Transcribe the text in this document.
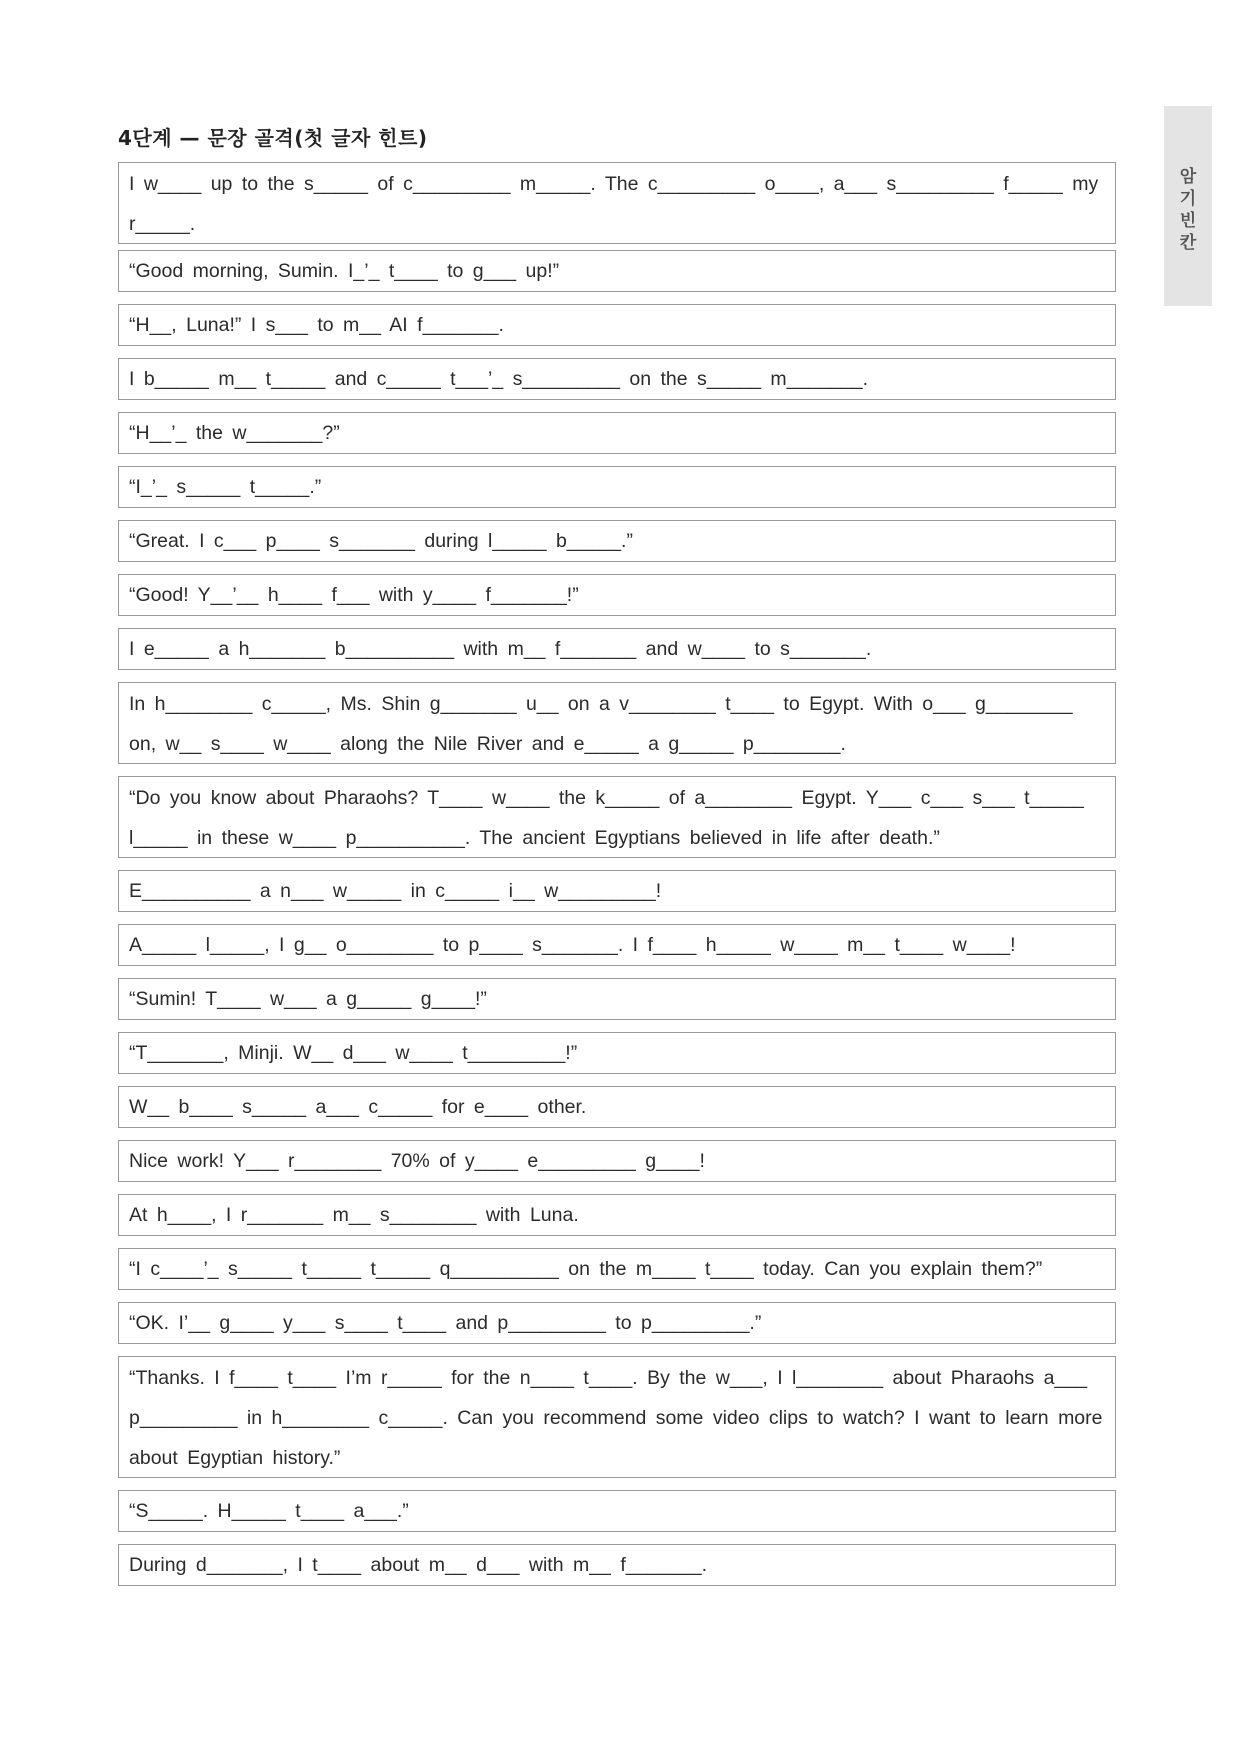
4단계 — 문장 골격(첫 글자 힌트)
암기빈칸
I w____ up to the s_____ of c_________ m_____. The c_________ o____, a___ s_________ f_____ my r_____.
“Good morning, Sumin. I_’_ t____ to g___ up!”
“H__, Luna!” I s___ to m__ AI f_______.
I b_____ m__ t_____ and c_____ t___’_ s_________ on the s_____ m_______.
“H__’_ the w_______?”
“I_’_ s_____ t_____.”
“Great. I c___ p____ s_______ during l_____ b_____.”
“Good! Y__’__ h____ f___ with y____ f_______!”
I e_____ a h_______ b__________ with m__ f_______ and w____ to s_______.
In h________ c_____, Ms. Shin g_______ u__ on a v________ t____ to Egypt. With o___ g________ on, w__ s____ w____ along the Nile River and e_____ a g_____ p________.
“Do you know about Pharaohs? T____ w____ the k_____ of a________ Egypt. Y___ c___ s___ t_____ l_____ in these w____ p__________. The ancient Egyptians believed in life after death.”
E__________ a n___ w_____ in c_____ i__ w_________!
A_____ l_____, I g__ o________ to p____ s_______. I f____ h_____ w____ m__ t____ w____!
“Sumin! T____ w___ a g_____ g____!”
“T_______, Minji. W__ d___ w____ t_________!”
W__ b____ s_____ a___ c_____ for e____ other.
Nice work! Y___ r________ 70% of y____ e_________ g____!
At h____, I r_______ m__ s________ with Luna.
“I c____’_ s_____ t_____ t_____ q__________ on the m____ t____ today. Can you explain them?”
“OK. I’__ g____ y___ s____ t____ and p_________ to p_________.”
“Thanks. I f____ t____ I’m r_____ for the n____ t____. By the w___, I l________ about Pharaohs a___ p_________ in h________ c_____. Can you recommend some video clips to watch? I want to learn more about Egyptian history.”
“S_____. H_____ t____ a___.”
During d_______, I t____ about m__ d___ with m__ f_______.
